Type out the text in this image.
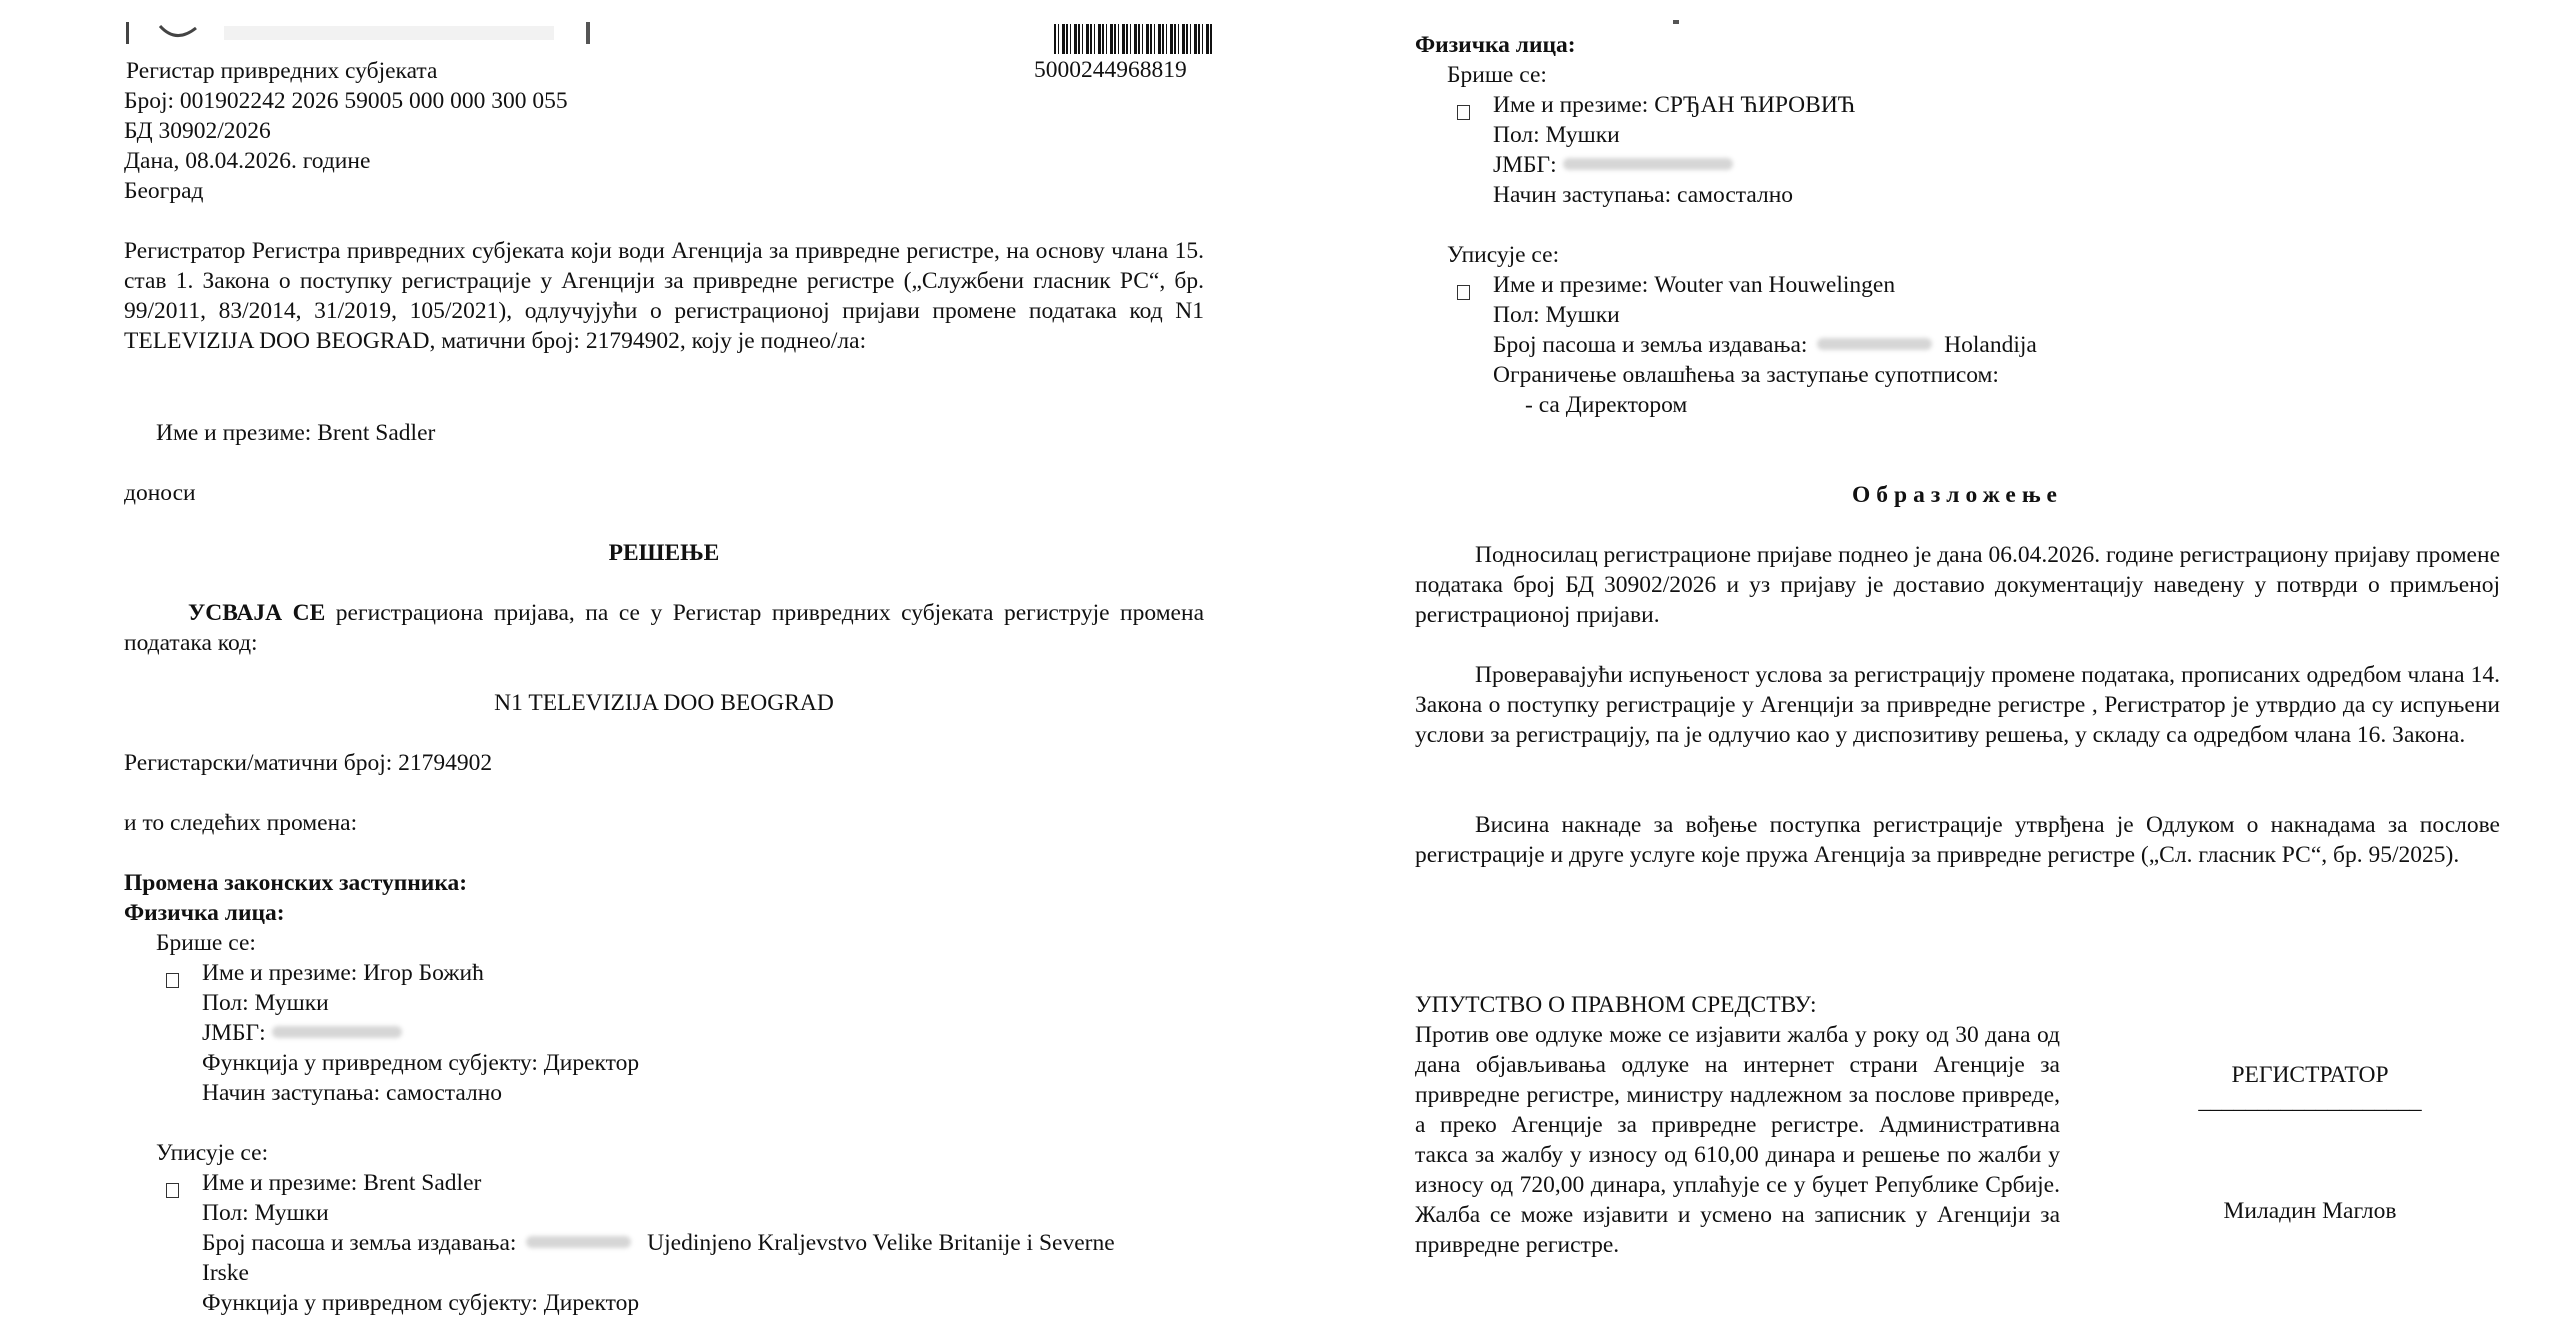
5000244968819
Регистар привредних субјеката
Број: 001902242 2026 59005 000 000 300 055
БД 30902/2026
Дана, 08.04.2026. године
Београд
Регистратор Регистра привредних субјеката који води Агенција за привредне регистре, на основу члана 15. став 1. Закона о поступку регистрације у Агенцији за привредне регистре („Службени гласник РС“, бр. 99/2011, 83/2014, 31/2019, 105/2021), одлучујући о регистрационој пријави промене података код N1 TELEVIZIJA DOO BEOGRAD, матични број: 21794902, коју је поднео/ла:
Име и презиме: Brent Sadler
доноси
РЕШЕЊЕ
УСВАЈА СЕ регистрациона пријава, па се у Регистар привредних субјеката региструје промена података код:
N1 TELEVIZIJA DOO BEOGRAD
Регистарски/матични број: 21794902
и то следећих промена:
Промена законских заступника:
Физичка лица:
Брише се:
Име и презиме: Игор Божић
Пол: Мушки
ЈМБГ:
Функција у привредном субјекту: Директор
Начин заступања: самостално
Уписује се:
Име и презиме: Brent Sadler
Пол: Мушки
Број пасоша и земља издавања:	Ujedinjeno Kraljevstvo Velike Britanije i Severne
Irske
Функција у привредном субјекту: Директор
Физичка лица:
Брише се:
Име и презиме: СРЂАН ЋИРОВИЋ
Пол: Мушки
ЈМБГ:
Начин заступања: самостално
Уписује се:
Име и презиме: Wouter van Houwelingen
Пол: Мушки
Број пасоша и земља издавања:	Holandija
Ограничење овлашћења за заступање супотписом:
- са Директором
Образложење
Подносилац регистрационе пријаве поднео је дана 06.04.2026. године регистрациону пријаву промене података број БД 30902/2026 и уз пријаву је доставио документацију наведену у потврди о примљеној регистрационој пријави.
Проверавајући испуњеност услова за регистрацију промене података, прописаних одредбом члана 14. Закона о поступку регистрације у Агенцији за привредне регистре , Регистратор је утврдио да су испуњени услови за регистрацију, па је одлучио као у диспозитиву решења, у складу са одредбом члана 16. Закона.
Висина накнаде за вођење поступка регистрације утврђена је Одлуком о накнадама за послове регистрације и друге услуге које пружа Агенција за привредне регистре („Сл. гласник РС“, бр. 95/2025).
УПУТСТВО О ПРАВНОМ СРЕДСТВУ:
Против ове одлуке може се изјавити жалба у року од 30 дана од дана објављивања одлуке на интернет страни Агенције за привредне регистре, министру надлежном за послове привреде, а преко Агенције за привредне регистре. Административна такса за жалбу у износу од 610,00 динара и решење по жалби у износу од 720,00 динара, уплаћује се у буџет Републике Србије. Жалба се може изјавити и усмено на записник у Агенцији за привредне регистре.
РЕГИСТРАТОР
___________________
Миладин Маглов
